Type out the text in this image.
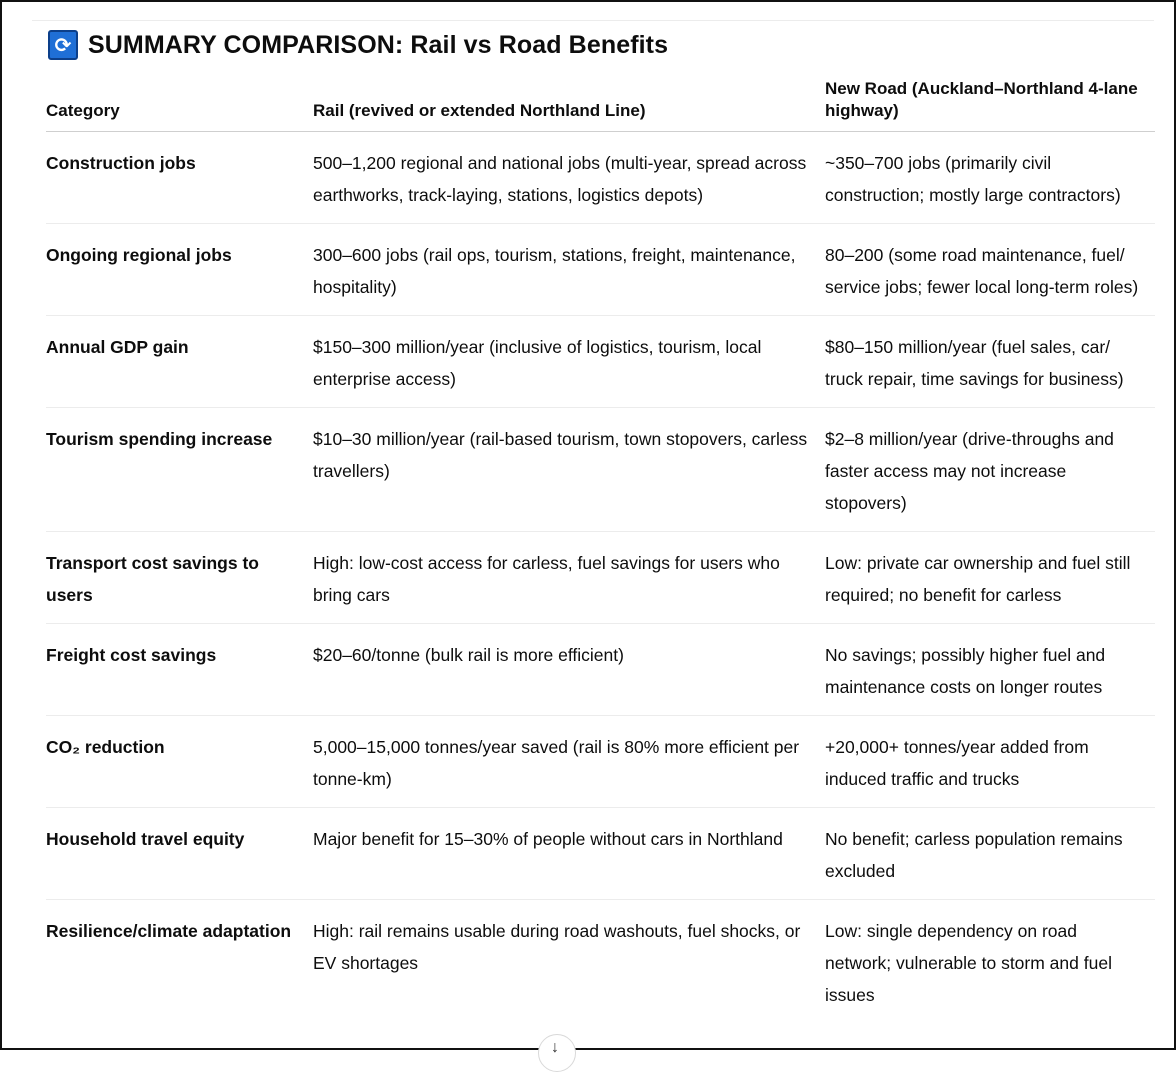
⟳ SUMMARY COMPARISON: Rail vs Road Benefits
Category	Rail (revived or extended Northland Line)	New Road (Auckland–Northland 4-lane highway)
Construction jobs	500–1,200 regional and national jobs (multi-year, spread across earthworks, track-laying, stations, logistics depots)	~350–700 jobs (primarily civil construction; mostly large contractors)
Ongoing regional jobs	300–600 jobs (rail ops, tourism, stations, freight, maintenance, hospitality)	80–200 (some road maintenance, fuel/ service jobs; fewer local long-term roles)
Annual GDP gain	$150–300 million/year (inclusive of logistics, tourism, local enterprise access)	$80–150 million/year (fuel sales, car/ truck repair, time savings for business)
Tourism spending increase	$10–30 million/year (rail-based tourism, town stopovers, carless travellers)	$2–8 million/year (drive-throughs and faster access may not increase stopovers)
Transport cost savings to users	High: low-cost access for carless, fuel savings for users who bring cars	Low: private car ownership and fuel still required; no benefit for carless
Freight cost savings	$20–60/tonne (bulk rail is more efficient)	No savings; possibly higher fuel and maintenance costs on longer routes
CO₂ reduction	5,000–15,000 tonnes/year saved (rail is 80% more efficient per tonne-km)	+20,000+ tonnes/year added from induced traffic and trucks
Household travel equity	Major benefit for 15–30% of people without cars in Northland	No benefit; carless population remains excluded
Resilience/climate adaptation	High: rail remains usable during road washouts, fuel shocks, or EV shortages	Low: single dependency on road network; vulnerable to storm and fuel issues
↓
